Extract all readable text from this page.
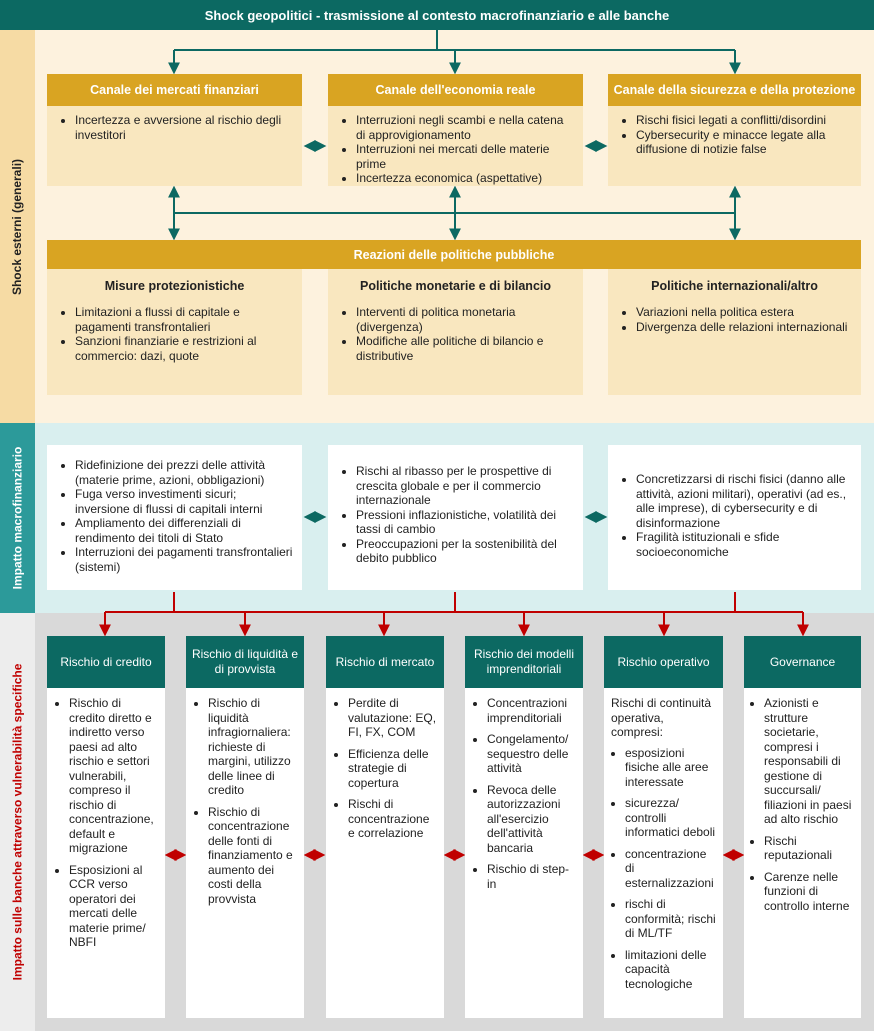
Shock geopolitici - trasmissione al contesto macrofinanziario e alle banche
Shock esterni (generali)
Impatto macrofinanziario
Impatto sulle banche attraverso vulnerabilità specifiche
Canale dei mercati finanziari
• Incertezza e avversione al rischio degli investitori
Canale dell'economia reale
• Interruzioni negli scambi e nella catena di approvigionamento
• Interruzioni nei mercati delle materie prime
• Incertezza economica (aspettative)
Canale della sicurezza e della protezione
• Rischi fisici legati a conflitti/disordini
• Cybersecurity e minacce legate alla diffusione di notizie false
Reazioni delle politiche pubbliche
Misure protezionistiche
• Limitazioni a flussi di capitale e pagamenti transfrontalieri
• Sanzioni finanziarie e restrizioni al commercio: dazi, quote
Politiche monetarie e di bilancio
• Interventi di politica monetaria (divergenza)
• Modifiche alle politiche di bilancio e distributive
Politiche internazionali/altro
• Variazioni nella politica estera
• Divergenza delle relazioni internazionali
• Ridefinizione dei prezzi delle attività (materie prime, azioni, obbligazioni)
• Fuga verso investimenti sicuri; inversione di flussi di capitali interni
• Ampliamento dei differenziali di rendimento dei titoli di Stato
• Interruzioni dei pagamenti transfrontalieri (sistemi)
• Rischi al ribasso per le prospettive di crescita globale e per il commercio internazionale
• Pressioni inflazionistiche, volatilità dei tassi di cambio
• Preoccupazioni per la sostenibilità del debito pubblico
• Concretizzarsi di rischi fisici (danno alle attività, azioni militari), operativi (ad es., alle imprese), di cybersecurity e di disinformazione
• Fragilità istituzionali e sfide socioeconomiche
Rischio di credito
• Rischio di credito diretto e indiretto verso paesi ad alto rischio e settori vulnerabili, compreso il rischio di concentrazione, default e migrazione
• Esposizioni al CCR verso operatori dei mercati delle materie prime/ NBFI
Rischio di liquidità e di provvista
• Rischio di liquidità infragiornaliera: richieste di margini, utilizzo delle linee di credito
• Rischio di concentrazione delle fonti di finanziamento e aumento dei costi della provvista
Rischio di mercato
• Perdite di valutazione: EQ, FI, FX, COM
• Efficienza delle strategie di copertura
• Rischi di concentrazione e correlazione
Rischio dei modelli imprenditoriali
• Concentrazioni imprenditoriali
• Congelamento/ sequestro delle attività
• Revoca delle autorizzazioni all'esercizio dell'attività bancaria
• Rischio di step-in
Rischio operativo
Rischi di continuità operativa, compresi:
• esposizioni fisiche alle aree interessate
• sicurezza/ controlli informatici deboli
• concentrazione di esternalizzazioni
• rischi di conformità; rischi di ML/TF
• limitazioni delle capacità tecnologiche
Governance
• Azionisti e strutture societarie, compresi i responsabili di gestione di succursali/ filiazioni in paesi ad alto rischio
• Rischi reputazionali
• Carenze nelle funzioni di controllo interne
